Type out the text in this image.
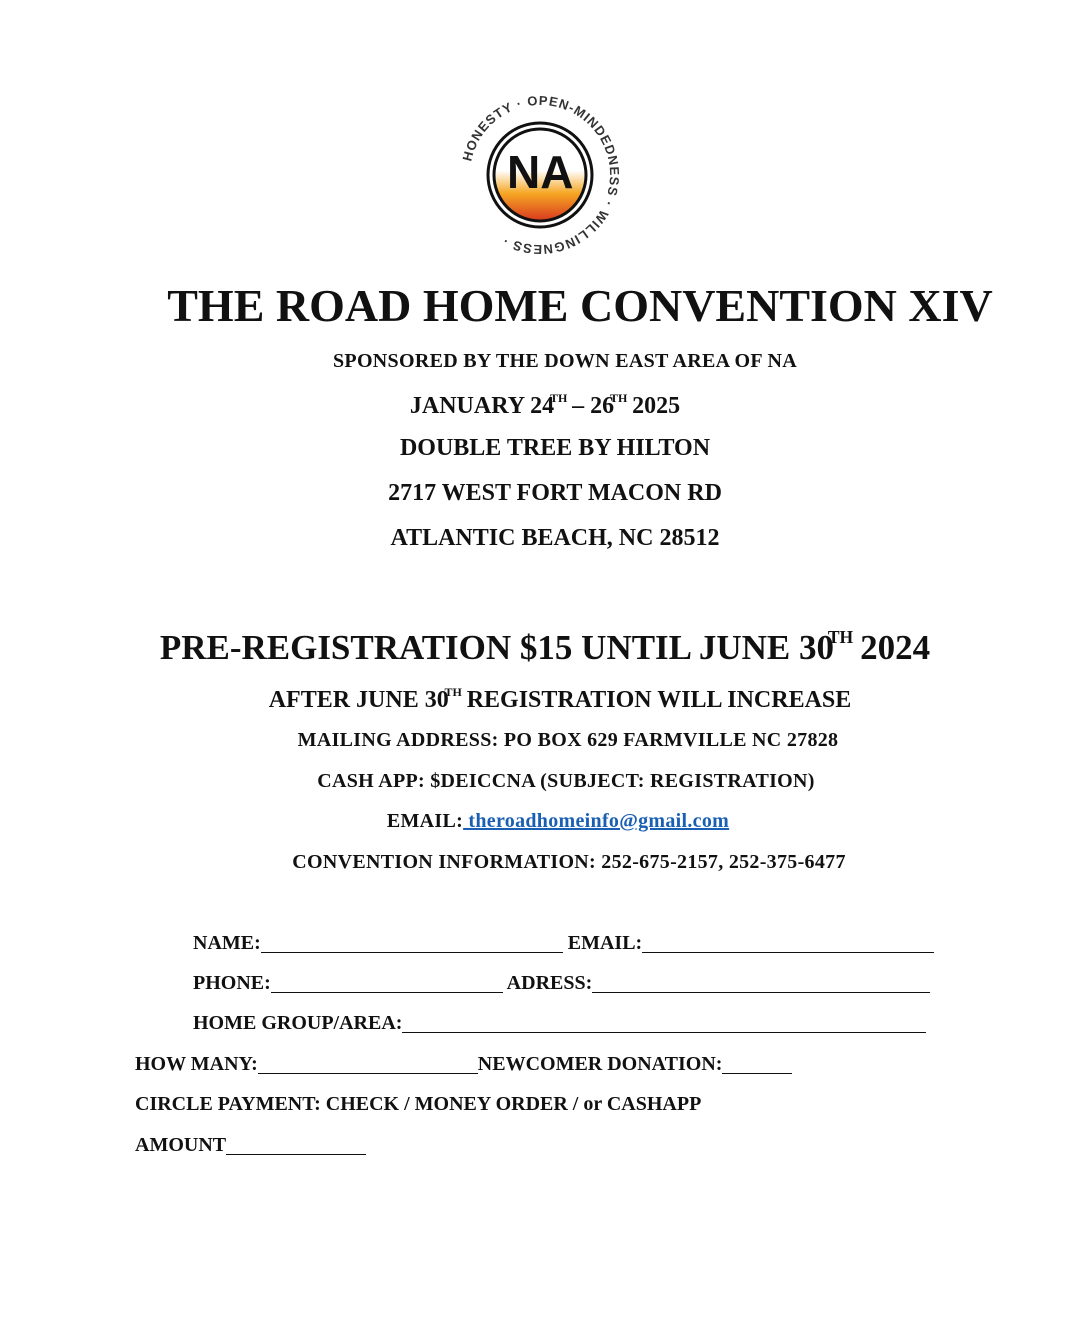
NA
HONESTY · OPEN-MINDEDNESS · WILLINGNESS ·
THE ROAD HOME CONVENTION XIV
SPONSORED BY THE DOWN EAST AREA OF NA
JANUARY 24TH – 26TH 2025
DOUBLE TREE BY HILTON
2717 WEST FORT MACON RD
ATLANTIC BEACH, NC 28512
PRE-REGISTRATION $15 UNTIL JUNE 30TH 2024
AFTER JUNE 30TH REGISTRATION WILL INCREASE
MAILING ADDRESS: PO BOX 629 FARMVILLE NC 27828
CASH APP: $DEICCNA (SUBJECT: REGISTRATION)
EMAIL: theroadhomeinfo@gmail.com
CONVENTION INFORMATION: 252-675-2157, 252-375-6477
NAME:	EMAIL:
PHONE:	ADRESS:
HOME GROUP/AREA:
HOW MANY:	NEWCOMER DONATION:
CIRCLE PAYMENT: CHECK / MONEY ORDER / or CASHAPP
AMOUNT
